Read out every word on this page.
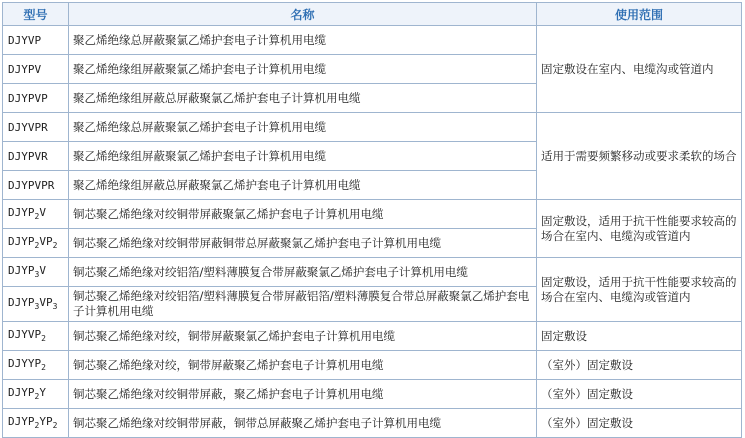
型号	名称	使用范围
DJYVP	聚乙烯绝缘总屏蔽聚氯乙烯护套电子计算机用电缆	固定敷设在室内、电缆沟或管道内
DJYPV	聚乙烯绝缘组屏蔽聚氯乙烯护套电子计算机用电缆	
DJYPVP	聚乙烯绝缘组屏蔽总屏蔽聚氯乙烯护套电子计算机用电缆	
DJYVPR	聚乙烯绝缘总屏蔽聚氯乙烯护套电子计算机用电缆	适用于需要频繁移动或要求柔软的场合
DJYPVR	聚乙烯绝缘组屏蔽聚氯乙烯护套电子计算机用电缆	
DJYPVPR	聚乙烯绝缘组屏蔽总屏蔽聚氯乙烯护套电子计算机用电缆	
$DJYP_2V$	铜芯聚乙烯绝缘对绞铜带屏蔽聚氯乙烯护套电子计算机用电缆	固定敷设，适用于抗干性能要求较高的场合在室内、电缆沟或管道内
$DJYP_2VP_2$	铜芯聚乙烯绝缘对绞铜带屏蔽铜带总屏蔽聚氯乙烯护套电子计算机用电缆	
$DJYP_3V$	铜芯聚乙烯绝缘对绞铝箔/塑料薄膜复合带屏蔽聚氯乙烯护套电子计算机用电缆	固定敷设，适用于抗干性能要求较高的场合在室内、电缆沟或管道内
$DJYP_3VP_3$	铜芯聚乙烯绝缘对绞铝箔/塑料薄膜复合带屏蔽铝箔/塑料薄膜复合带总屏蔽聚氯乙烯护套电子计算机用电缆	
$DJYVP_2$	铜芯聚乙烯绝缘对绞，铜带屏蔽聚氯乙烯护套电子计算机用电缆	固定敷设
$DJYYP_2$	铜芯聚乙烯绝缘对绞，铜带屏蔽聚乙烯护套电子计算机用电缆	（室外）固定敷设
$DJYP_2Y$	铜芯聚乙烯绝缘对绞铜带屏蔽，聚乙烯护套电子计算机用电缆	（室外）固定敷设
$DJYP_2YP_2$	铜芯聚乙烯绝缘对绞铜带屏蔽，铜带总屏蔽聚乙烯护套电子计算机用电缆	（室外）固定敷设
